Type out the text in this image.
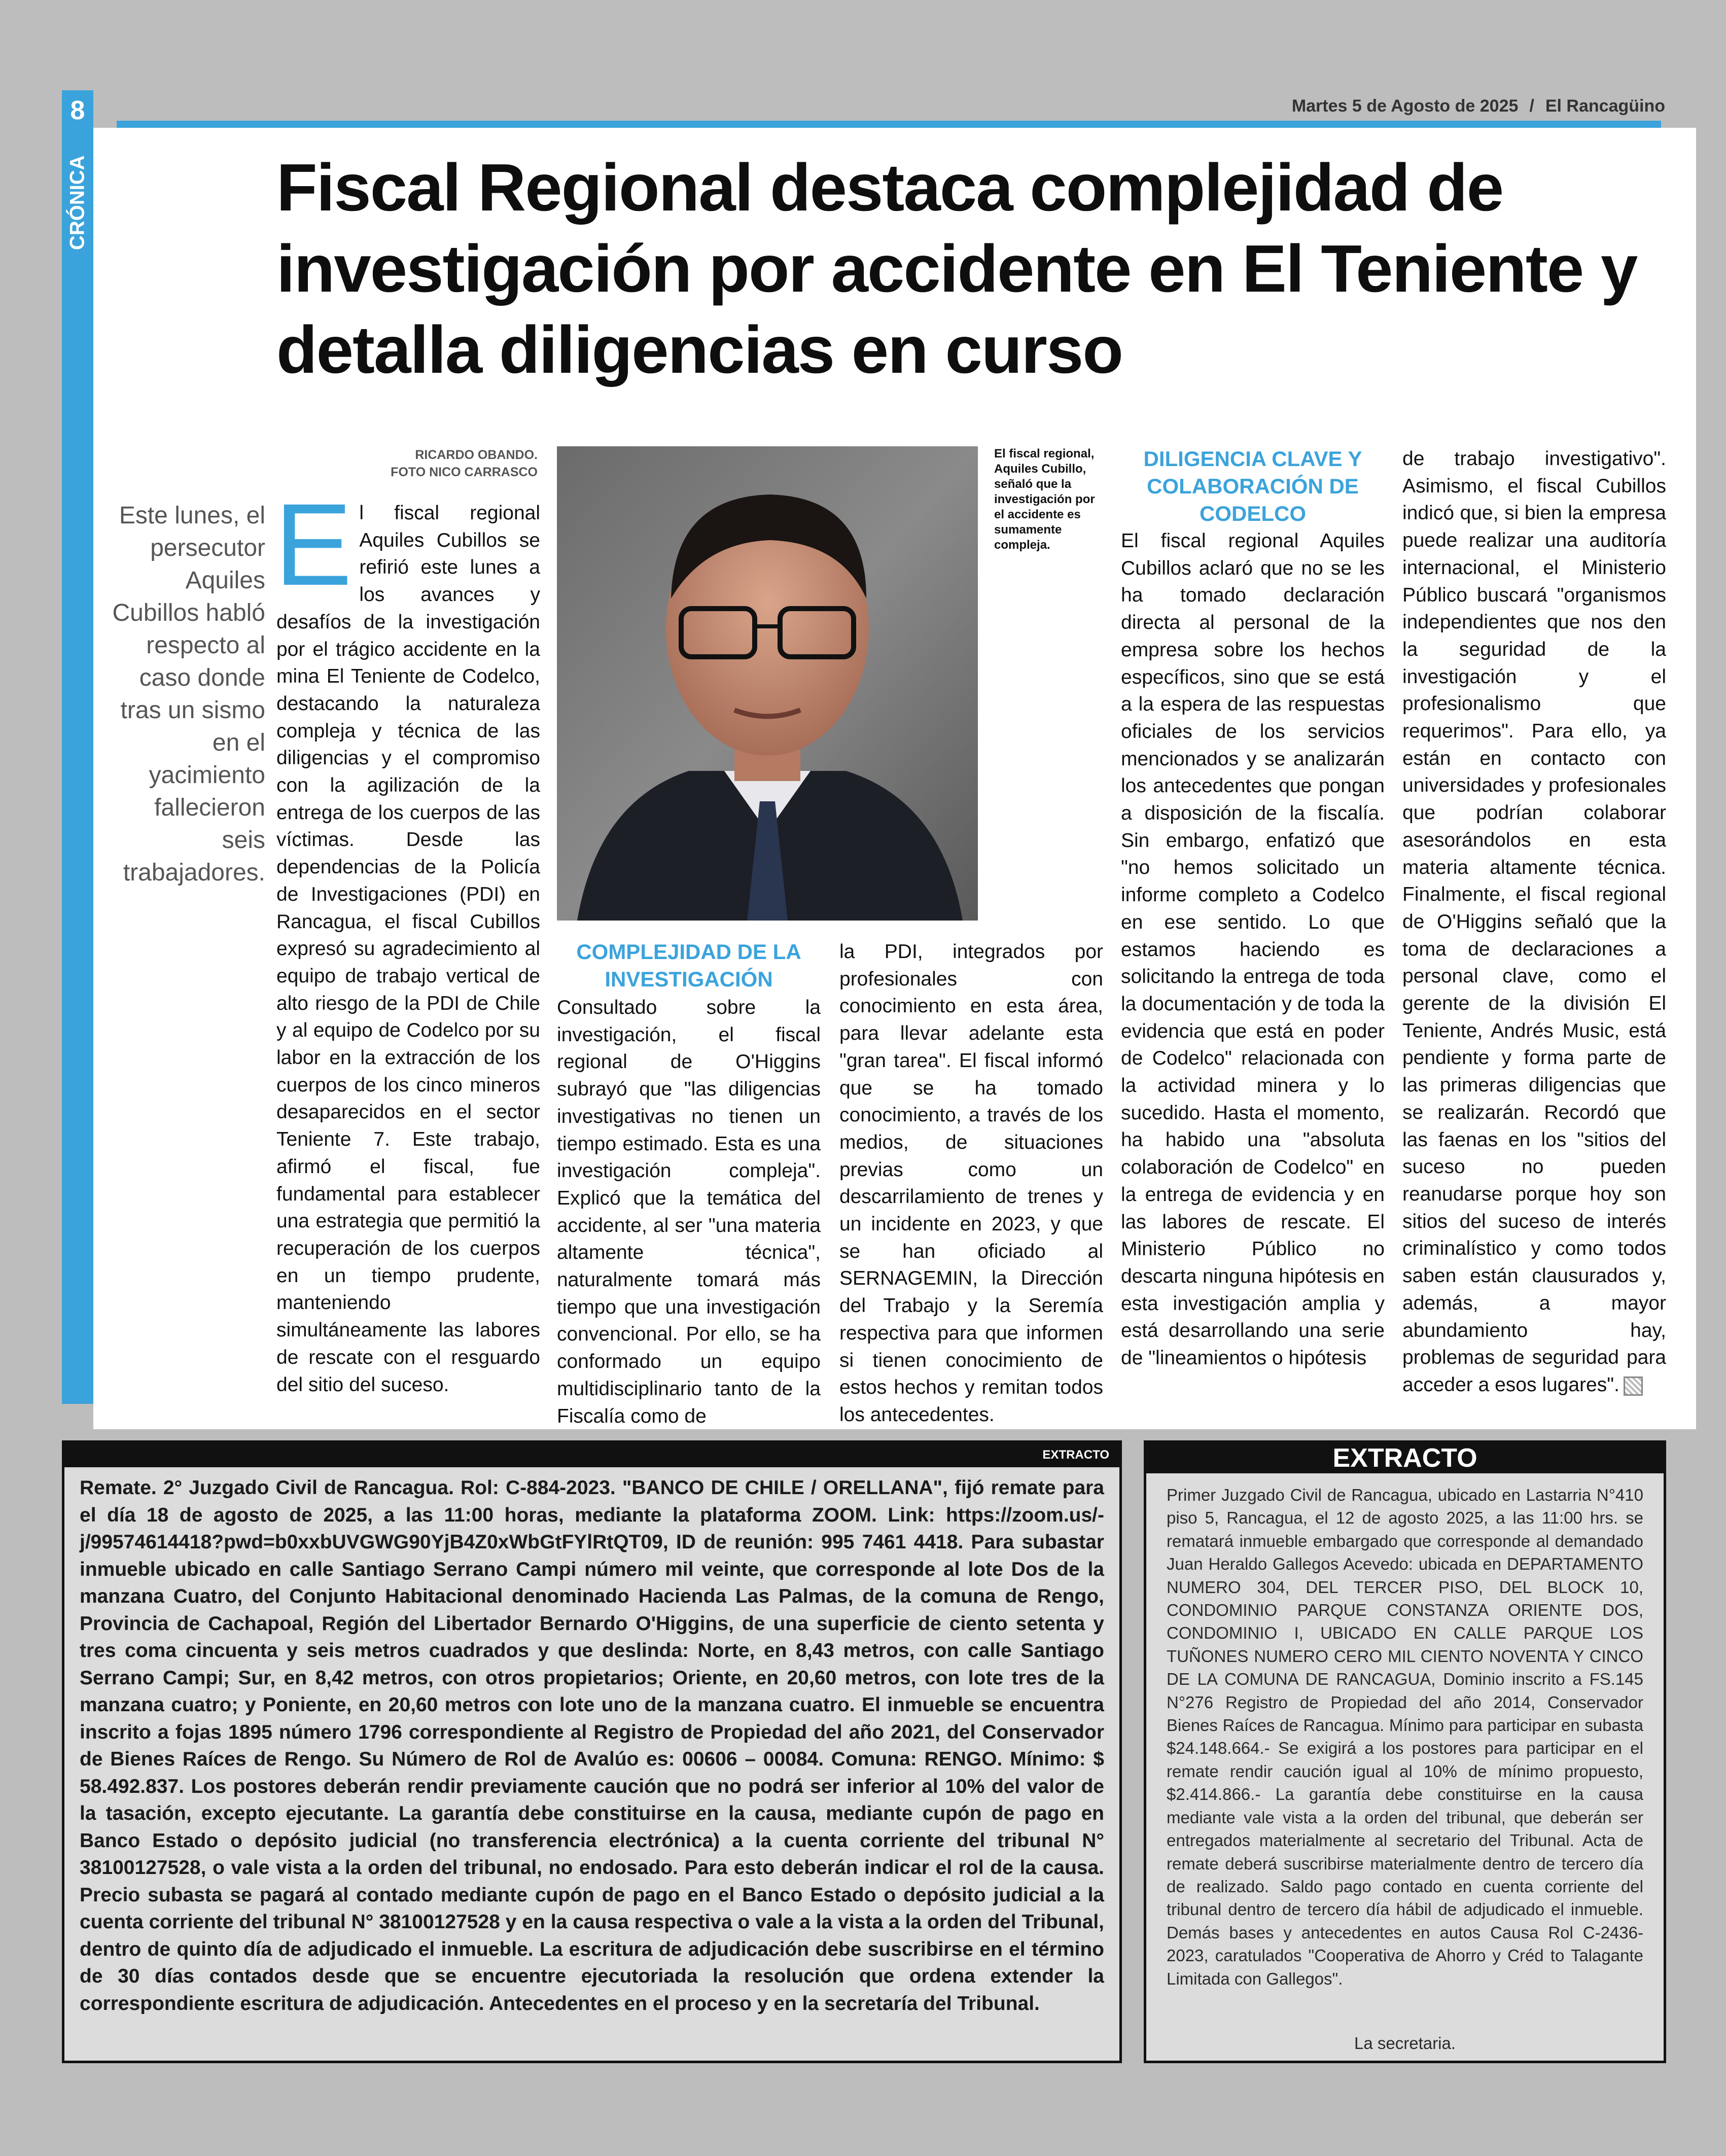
8
CRÓNICA
Martes 5 de Agosto de 2025 / El Rancagüino
Fiscal Regional destaca complejidad de investigación por accidente en El Teniente y detalla diligencias en curso
RICARDO OBANDO.
FOTO NICO CARRASCO
Este lunes, el persecutor Aquiles Cubillos habló respecto al caso donde tras un sismo en el yacimiento fallecieron seis trabajadores.
El fiscal regional Aquiles Cubillos se refirió este lunes a los avances y desafíos de la investigación por el trágico accidente en la mina El Teniente de Codelco, destacando la naturaleza compleja y técnica de las diligencias y el compromiso con la agilización de la entrega de los cuerpos de las víctimas. Desde las dependencias de la Policía de Investigaciones (PDI) en Rancagua, el fiscal Cubillos expresó su agradecimiento al equipo de trabajo vertical de alto riesgo de la PDI de Chile y al equipo de Codelco por su labor en la extracción de los cuerpos de los cinco mineros desaparecidos en el sector Teniente 7. Este trabajo, afirmó el fiscal, fue fundamental para establecer una estrategia que permitió la recuperación de los cuerpos en un tiempo prudente, manteniendo simultáneamente las labores de rescate con el resguardo del sitio del suceso.
El fiscal regional, Aquiles Cubillo, señaló que la investigación por el accidente es sumamente compleja.
COMPLEJIDAD DE LA INVESTIGACIÓN
Consultado sobre la investigación, el fiscal regional de O'Higgins subrayó que "las diligencias investigativas no tienen un tiempo estimado. Esta es una investigación compleja". Explicó que la temática del accidente, al ser "una materia altamente técnica", naturalmente tomará más tiempo que una investigación convencional. Por ello, se ha conformado un equipo multidisciplinario tanto de la Fiscalía como de
la PDI, integrados por profesionales con conocimiento en esta área, para llevar adelante esta "gran tarea". El fiscal informó que se ha tomado conocimiento, a través de los medios, de situaciones previas como un descarrilamiento de trenes y un incidente en 2023, y que se han oficiado al SERNAGEMIN, la Dirección del Trabajo y la Seremía respectiva para que informen si tienen conocimiento de estos hechos y remitan todos los antecedentes.
DILIGENCIA CLAVE Y COLABORACIÓN DE CODELCO
El fiscal regional Aquiles Cubillos aclaró que no se les ha tomado declaración directa al personal de la empresa sobre los hechos específicos, sino que se está a la espera de las respuestas oficiales de los servicios mencionados y se analizarán los antecedentes que pongan a disposición de la fiscalía. Sin embargo, enfatizó que "no hemos solicitado un informe completo a Codelco en ese sentido. Lo que estamos haciendo es solicitando la entrega de toda la documentación y de toda la evidencia que está en poder de Codelco" relacionada con la actividad minera y lo sucedido. Hasta el momento, ha habido una "absoluta colaboración de Codelco" en la entrega de evidencia y en las labores de rescate. El Ministerio Público no descarta ninguna hipótesis en esta investigación amplia y está desarrollando una serie de "lineamientos o hipótesis
de trabajo investigativo". Asimismo, el fiscal Cubillos indicó que, si bien la empresa puede realizar una auditoría internacional, el Ministerio Público buscará "organismos independientes que nos den la seguridad de la investigación y el profesionalismo que requerimos". Para ello, ya están en contacto con universidades y profesionales que podrían colaborar asesorándolos en esta materia altamente técnica. Finalmente, el fiscal regional de O'Higgins señaló que la toma de declaraciones a personal clave, como el gerente de la división El Teniente, Andrés Music, está pendiente y forma parte de las primeras diligencias que se realizarán. Recordó que las faenas en los "sitios del suceso no pueden reanudarse porque hoy son sitios del suceso de interés criminalístico y como todos saben están clausurados y, además, a mayor abundamiento hay, problemas de seguridad para acceder a esos lugares".
EXTRACTO
Remate. 2° Juzgado Civil de Rancagua. Rol: C-884-2023. "BANCO DE CHILE / ORELLANA", fijó remate para el día 18 de agosto de 2025, a las 11:00 horas, mediante la plataforma ZOOM. Link: https://zoom.us/-j/99574614418?pwd=b0xxbUVGWG90YjB4Z0xWbGtFYlRtQT09, ID de reunión: 995 7461 4418. Para subastar inmueble ubicado en calle Santiago Serrano Campi número mil veinte, que corresponde al lote Dos de la manzana Cuatro, del Conjunto Habitacional denominado Hacienda Las Palmas, de la comuna de Rengo, Provincia de Cachapoal, Región del Libertador Bernardo O'Higgins, de una superficie de ciento setenta y tres coma cincuenta y seis metros cuadrados y que deslinda: Norte, en 8,43 metros, con calle Santiago Serrano Campi; Sur, en 8,42 metros, con otros propietarios; Oriente, en 20,60 metros, con lote tres de la manzana cuatro; y Poniente, en 20,60 metros con lote uno de la manzana cuatro. El inmueble se encuentra inscrito a fojas 1895 número 1796 correspondiente al Registro de Propiedad del año 2021, del Conservador de Bienes Raíces de Rengo. Su Número de Rol de Avalúo es: 00606 – 00084. Comuna: RENGO. Mínimo: $ 58.492.837. Los postores deberán rendir previamente caución que no podrá ser inferior al 10% del valor de la tasación, excepto ejecutante. La garantía debe constituirse en la causa, mediante cupón de pago en Banco Estado o depósito judicial (no transferencia electrónica) a la cuenta corriente del tribunal N° 38100127528, o vale vista a la orden del tribunal, no endosado. Para esto deberán indicar el rol de la causa. Precio subasta se pagará al contado mediante cupón de pago en el Banco Estado o depósito judicial a la cuenta corriente del tribunal N° 38100127528 y en la causa respectiva o vale a la vista a la orden del Tribunal, dentro de quinto día de adjudicado el inmueble. La escritura de adjudicación debe suscribirse en el término de 30 días contados desde que se encuentre ejecutoriada la resolución que ordena extender la correspondiente escritura de adjudicación. Antecedentes en el proceso y en la secretaría del Tribunal.
EXTRACTO
Primer Juzgado Civil de Rancagua, ubicado en Lastarria N°410 piso 5, Rancagua, el 12 de agosto 2025, a las 11:00 hrs. se rematará inmueble embargado que corresponde al demandado Juan Heraldo Gallegos Acevedo: ubicada en DEPARTAMENTO NUMERO 304, DEL TERCER PISO, DEL BLOCK 10, CONDOMINIO PARQUE CONSTANZA ORIENTE DOS, CONDOMINIO I, UBICADO EN CALLE PARQUE LOS TUÑONES NUMERO CERO MIL CIENTO NOVENTA Y CINCO DE LA COMUNA DE RANCAGUA, Dominio inscrito a FS.145 N°276 Registro de Propiedad del año 2014, Conservador Bienes Raíces de Rancagua. Mínimo para participar en subasta $24.148.664.- Se exigirá a los postores para participar en el remate rendir caución igual al 10% de mínimo propuesto, $2.414.866.- La garantía debe constituirse en la causa mediante vale vista a la orden del tribunal, que deberán ser entregados materialmente al secretario del Tribunal. Acta de remate deberá suscribirse materialmente dentro de tercero día de realizado. Saldo pago contado en cuenta corriente del tribunal dentro de tercero día hábil de adjudicado el inmueble. Demás bases y antecedentes en autos Causa Rol C-2436-2023, caratulados "Cooperativa de Ahorro y Créd to Talagante Limitada con Gallegos".
La secretaria.
